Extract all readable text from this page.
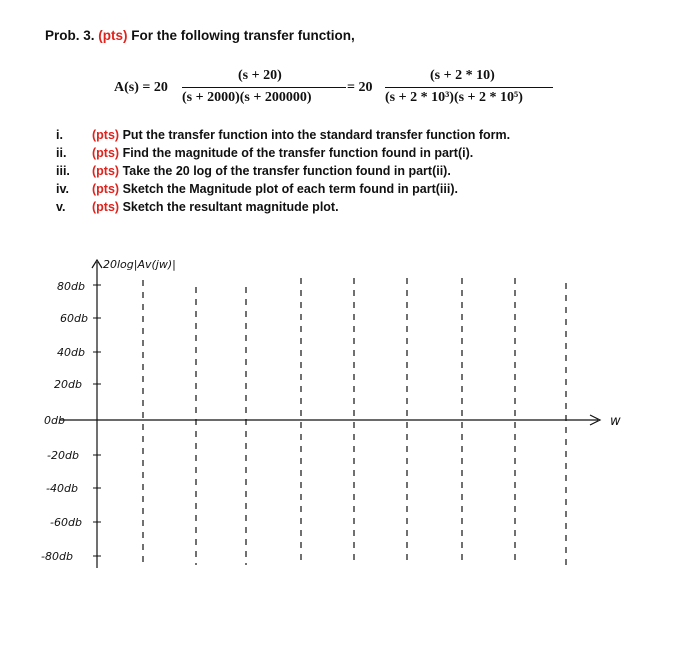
Prob. 3. (pts) For the following transfer function,
A(s) = 20
(s + 20)
(s + 2000)(s + 200000)
= 20
(s + 2 * 10)
(s + 2 * 10³)(s + 2 * 10⁵)
i.	(pts) Put the transfer function into the standard transfer function form.
ii.	(pts) Find the magnitude of the transfer function found in part(i).
iii.	(pts) Take the 20 log of the transfer function found in part(ii).
iv.	(pts) Sketch the Magnitude plot of each term found in part(iii).
v.	(pts) Sketch the resultant magnitude plot.
20log|Av(jw)|
w
80db
60db
40db
20db
0db
-20db
-40db
-60db
-80db
